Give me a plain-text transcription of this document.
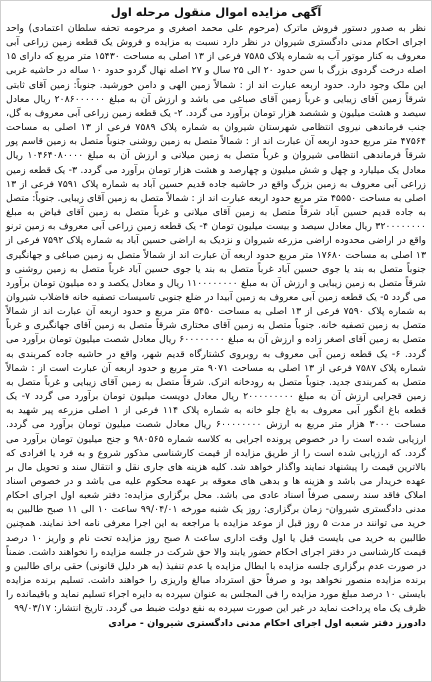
آگهی مزایده اموال منقول مرحله اول

نظر به صدور دستور فروش ماترک (مرحوم علی محمد اصغری و مرحومه تحفه سلطان اعتمادی) واحد اجرای احکام مدنی دادگستری شیروان در نظر دارد نسبت به مزایده و فروش یک قطعه زمین زراعی آبی معروف به کنار موتور آب به شماره پلاک ۷۵۸۵ فرعی از ۱۳ اصلی به مساحت ۱۵۴۳۰ متر مربع که دارای ۱۵ اصله درخت گردوی بزرگ با سن حدود ۲۰ الی ۲۵ سال و ۲۷ اصله نهال گردو حدود ۱۰ ساله در حاشیه غربی این ملک وجود دارد. حدود اربعه عبارت اند از : شمالاً زمین الهی و دامن خورشید. جنوباً: زمین آقای ثابتی شرقاً زمین آقای زیبایی و غرباً زمین آقای صباغی می باشد و ارزش آن به مبلغ ۲۰۸۶۰۰۰۰۰۰ ریال معادل سیصد و هشت میلیون و ششصد هزار تومان برآورد می گردد. ۲- یک قطعه زمین زراعی آبی معروف به گل، جنب فرماندهی نیروی انتظامی شهرستان شیروان به شماره پلاک ۷۵۸۹ فرعی از ۱۳ اصلی به مساحت ۴۷۵۶۴ متر مربع حدود اربعه آن عبارت اند از : شمالاً متصل به زمین روشنی جنوباً متصل به زمین قاسم پور شرقاً فرماندهی انتظامی شیروان و غرباً متصل به زمین میلانی و ارزش آن به مبلغ ۱۰۴۶۴۰۸۰۰۰۰ ریال معادل یک میلیارد و چهل و شش میلیون و چهارصد و هشت هزار تومان برآورد می گردد. ۳- یک قطعه زمین زراعی آبی معروف به زمین بزرگ واقع در حاشیه جاده قدیم حسین آباد به شماره پلاک ۷۵۹۱ فرعی از ۱۳ اصلی به مساحت ۴۵۵۵۰ متر مربع حدود اربعه عبارت اند از : شمالاً متصل به زمین آقای زیبایی. جنوباً: متصل به جاده قدیم حسین آباد شرقاً متصل به زمین آقای میلانی و غرباً متصل به زمین آقای فیاض به مبلغ ۳۲۰۰۰۰۰۰۰۰ ریال معادل سیصد و بیست میلیون تومان ۴- یک قطعه زمین زراعی آبی معروف به زمین ترنو واقع در اراضی محدوده اراضی مزرعه شیروان و نزدیک به اراضی حسین آباد به شماره پلاک ۷۵۹۲ فرعی از ۱۳ اصلی به مساحت ۱۷۶۸۰ متر مربع حدود اربعه آن عبارت اند از شمالاً متصل به زمین صباغی و جهانگیری جنوباً متصل به بند یا جوی حسین آباد غرباً متصل به بند یا جوی حسین آباد غرباً متصل به زمین روشنی و شرقاً متصل به زمین زیبایی و ارزش آن به مبلغ ۱۱۰۰۰۰۰۰۰۰ ریال و معادل یکصد و ده میلیون تومان برآورد می گردد ۵- یک قطعه زمین آبی معروف به زمین آبیدا در ضلع جنوبی تاسیسات تصفیه خانه فاضلاب شیروان به شماره پلاک ۷۵۹۰ فرعی از ۱۳ اصلی به مساحت ۵۴۵۰ متر مربع و حدود اربعه آن عبارت اند از شمالاً متصل به زمین تصفیه خانه. جنوباً متصل به زمین آقای مختاری شرقاً متصل به زمین آقای جهانگیری و غرباً متصل به زمین آقای اصغر زاده و ارزش آن به مبلغ ۶۰۰۰۰۰۰۰۰ ریال معادل شصت میلیون تومان برآورد می گردد. ۶- یک قطعه زمین آبی معروف به روبروی کشتارگاه قدیم شهر، واقع در حاشیه جاده کمربندی به شماره پلاک ۷۵۸۷ فرعی از ۱۳ اصلی به مساحت ۹۰۷۱ متر مربع و حدود اربعه آن عبارت است از : شمالاً متصل به کمربندی جدید. جنوباً متصل به رودخانه اترک. شرقاً متصل به زمین آقای زیبایی و غرباً متصل به زمین قجرایی ارزش آن به مبلغ ۲۰۰۰۰۰۰۰۰۰ ریال معادل دویست میلیون تومان برآورد می گردد ۷- یک قطعه باغ انگور آبی معروف به باغ جلو خانه به شماره پلاک ۱۱۴ فرعی از ۱ اصلی مزرعه پیر شهید به مساحت ۳۰۰۰ هزار متر مربع به ارزش ۶۰۰۰۰۰۰۰۰ ریال معادل شصت میلیون تومان برآورد می گردد. ارزیابی شده است را در خصوص پرونده اجرایی به کلاسه شماره ۹۸۰۵۶۵ و جنح میلیون تومان برآورد می گردد. که ارزیابی شده است را از طریق مزایده از قیمت کارشناسی مذکور شروع و به فرد یا افرادی که بالاترین قیمت را پیشنهاد نمایند واگذار خواهد شد. کلیه هزینه های جاری نقل و انتقال سند و تحویل مال بر عهده خریدار می باشد و هزینه ها و بدهی های معوقه بر عهده محکوم علیه می باشد و در خصوص اسناد املاک فاقد سند رسمی صرفاً اسناد عادی می باشد. محل برگزاری مزایده: دفتر شعبه اول اجرای احکام مدنی دادگستری شیروان- زمان برگزاری: روز یک شنبه مورخه ۹۹/۰۴/۰۱ ساعت ۱۰ الی ۱۱ صبح طالبین به خرید می توانند در مدت ۵ روز قبل از موعد مزایده با مراجعه به این اجرا معرفی نامه اخذ نمایند. همچنین طالبین به خرید می بایست قبل یا اول وقت اداری ساعت ۸ صبح روز مزایده تحت نام و واریز ۱۰ درصد قیمت کارشناسی در دفتر اجرای احکام حضور یابند والا حق شرکت در جلسه مزایده را نخواهند داشت. ضمناً در صورت عدم برگزاری جلسه مزایده با ابطال مزایده یا عدم تنفیذ (به هر دلیل قانونی) حقی برای طالبین و برنده مزایده منصور نخواهد بود و صرفاً حق استرداد مبالغ واریزی را خواهند داشت. تسلیم برنده مزایده بایستی ۱۰ درصد مبلغ مورد مزایده را فی المجلس به عنوان سپرده به دایره اجراء تسلیم نماید و باقیمانده را ظرف یک ماه پرداخت نماید در غیر این صورت سپرده به نفع دولت ضبط می گردد. تاریخ انتشار: ۹۹/۰۳/۱۷

دادورز دفتر شعبه اول اجرای احکام مدنی دادگستری شیروان - مرادی
